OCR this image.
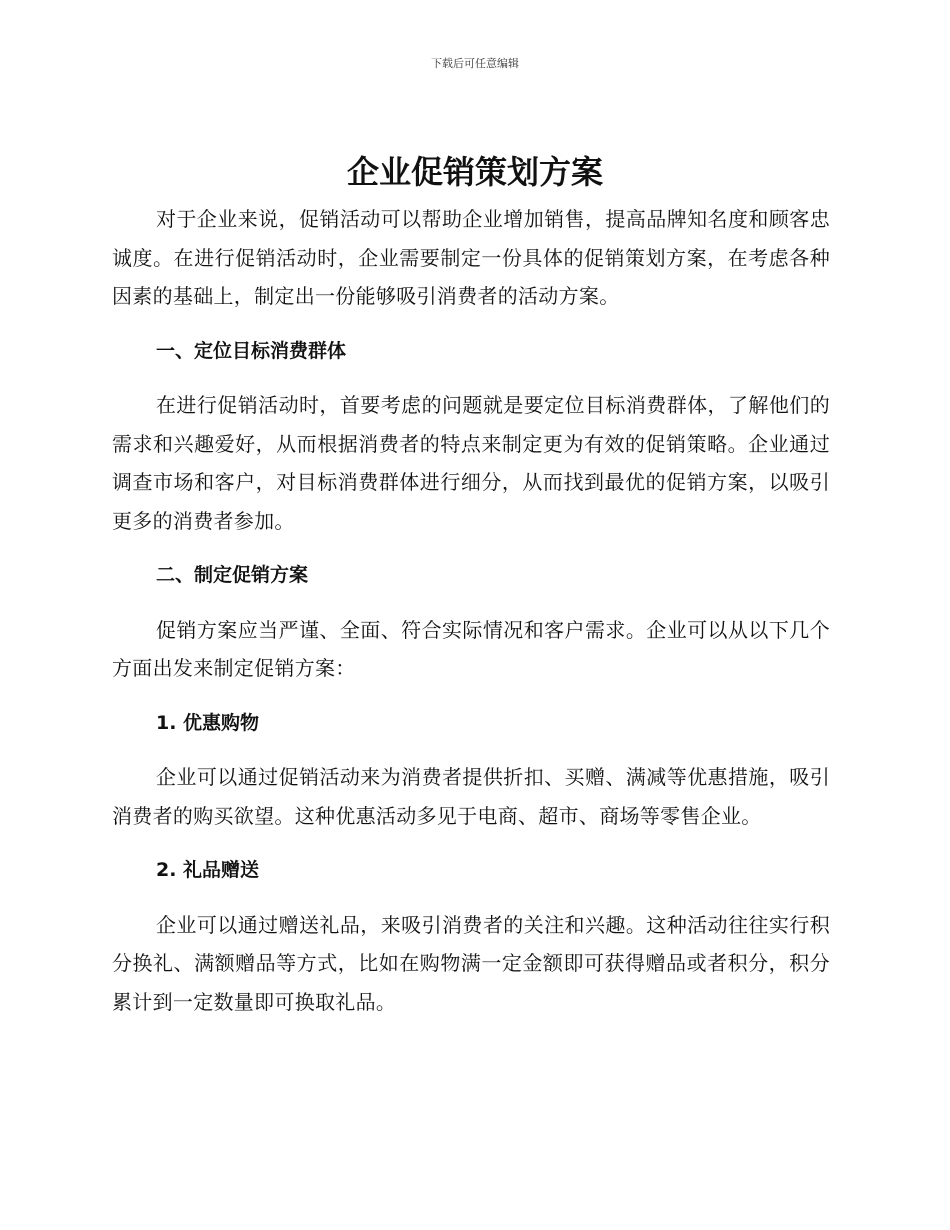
下载后可任意编辑
企业促销策划方案

对于企业来说，促销活动可以帮助企业增加销售，提高品牌知名度和顾客忠诚度。在进行促销活动时，企业需要制定一份具体的促销策划方案，在考虑各种因素的基础上，制定出一份能够吸引消费者的活动方案。

一、定位目标消费群体

在进行促销活动时，首要考虑的问题就是要定位目标消费群体，了解他们的需求和兴趣爱好，从而根据消费者的特点来制定更为有效的促销策略。企业通过调查市场和客户，对目标消费群体进行细分，从而找到最优的促销方案，以吸引更多的消费者参加。

二、制定促销方案

促销方案应当严谨、全面、符合实际情况和客户需求。企业可以从以下几个方面出发来制定促销方案：

1. 优惠购物

企业可以通过促销活动来为消费者提供折扣、买赠、满减等优惠措施，吸引消费者的购买欲望。这种优惠活动多见于电商、超市、商场等零售企业。

2. 礼品赠送

企业可以通过赠送礼品，来吸引消费者的关注和兴趣。这种活动往往实行积分换礼、满额赠品等方式，比如在购物满一定金额即可获得赠品或者积分，积分累计到一定数量即可换取礼品。
